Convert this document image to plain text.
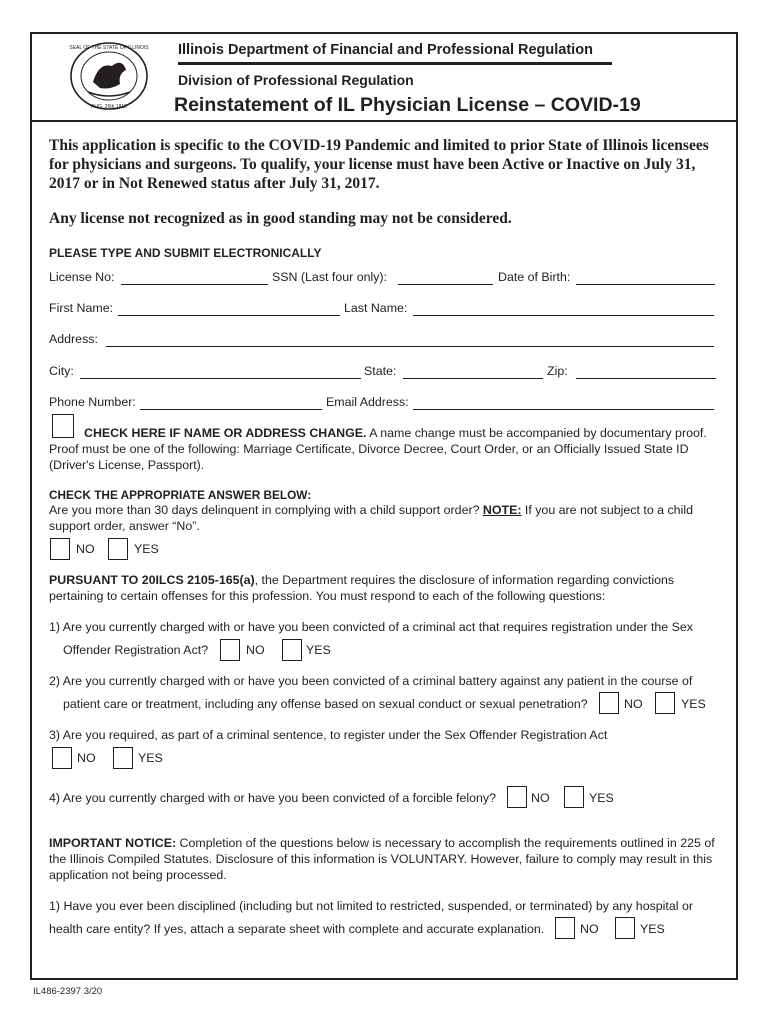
SEAL OF THE STATE OF ILLINOIS
AUG. 26th 1818
Illinois Department of Financial and Professional Regulation
Division of Professional Regulation
Reinstatement of IL Physician License – COVID-19
This application is specific to the COVID-19 Pandemic and limited to prior State of Illinois licensees for physicians and surgeons. To qualify, your license must have been Active or Inactive on July 31, 2017 or in Not Renewed status after July 31, 2017.
Any license not recognized as in good standing may not be considered.
PLEASE TYPE AND SUBMIT ELECTRONICALLY
License No:	SSN (Last four only):	Date of Birth:
First Name:	Last Name:
Address:
City:	State:	Zip:
Phone Number:	Email Address:
CHECK HERE IF NAME OR ADDRESS CHANGE. A name change must be accompanied by documentary proof.
Proof must be one of the following: Marriage Certificate, Divorce Decree, Court Order, or an Officially Issued State ID
(Driver's License, Passport).
CHECK THE APPROPRIATE ANSWER BELOW:
Are you more than 30 days delinquent in complying with a child support order? NOTE: If you are not subject to a child
support order, answer “No”.
NO	YES
PURSUANT TO 20ILCS 2105-165(a), the Department requires the disclosure of information regarding convictions
pertaining to certain offenses for this profession. You must respond to each of the following questions:
1) Are you currently charged with or have you been convicted of a criminal act that requires registration under the Sex
Offender Registration Act?	NO	YES
2) Are you currently charged with or have you been convicted of a criminal battery against any patient in the course of
patient care or treatment, including any offense based on sexual conduct or sexual penetration?	NO	YES
3) Are you required, as part of a criminal sentence, to register under the Sex Offender Registration Act
NO	YES
4) Are you currently charged with or have you been convicted of a forcible felony?	NO	YES
IMPORTANT NOTICE: Completion of the questions below is necessary to accomplish the requirements outlined in 225 of
the Illinois Compiled Statutes. Disclosure of this information is VOLUNTARY. However, failure to comply may result in this
application not being processed.
1) Have you ever been disciplined (including but not limited to restricted, suspended, or terminated) by any hospital or
health care entity? If yes, attach a separate sheet with complete and accurate explanation.	NO	YES
IL486-2397 3/20
